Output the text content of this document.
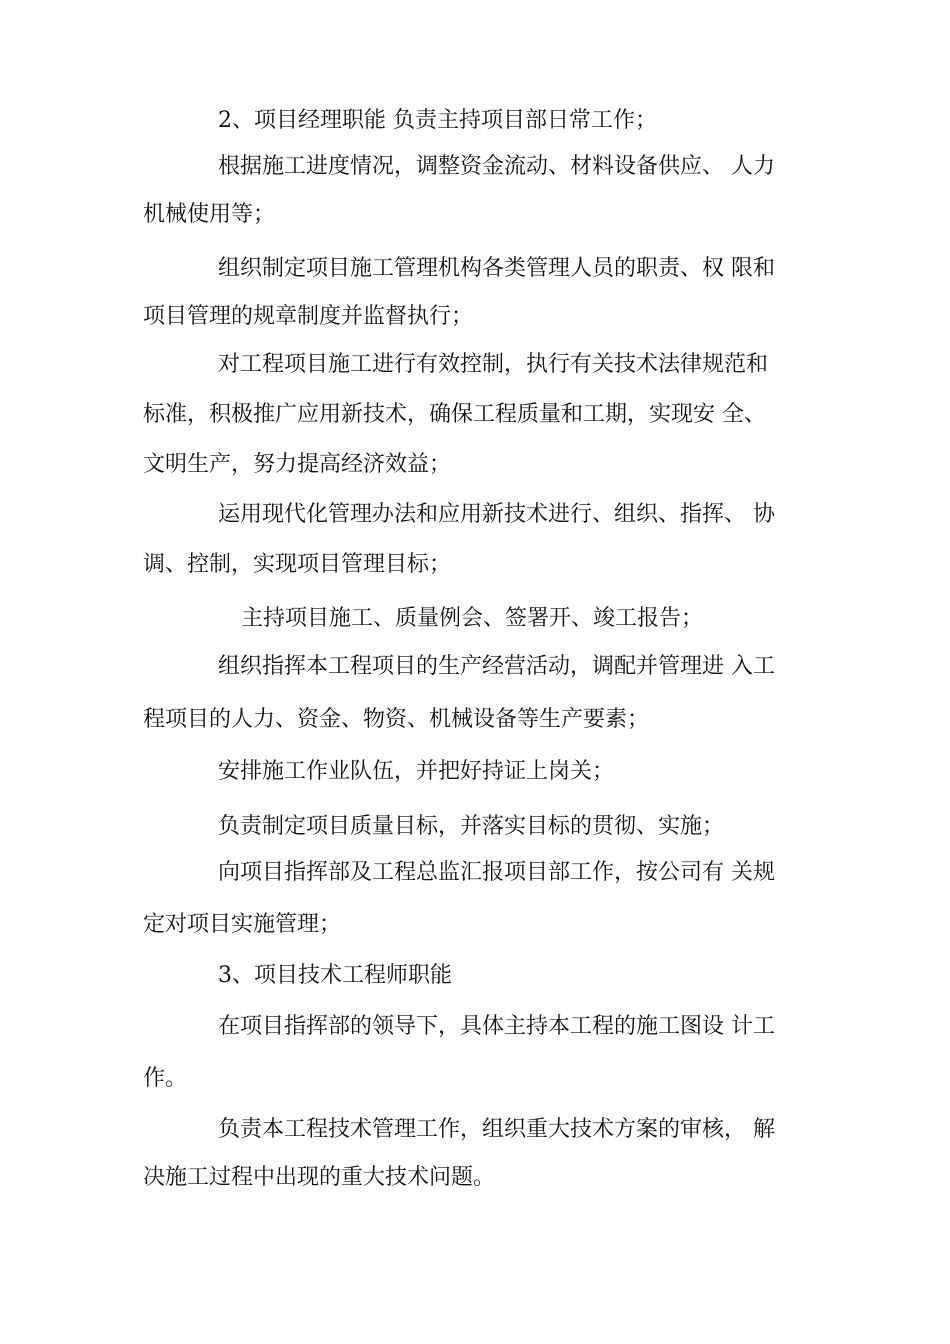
2、项目经理职能 负责主持项目部日常工作；
根据施工进度情况，调整资金流动、材料设备供应、 人力
机械使用等；
组织制定项目施工管理机构各类管理人员的职责、权 限和
项目管理的规章制度并监督执行；
对工程项目施工进行有效控制，执行有关技术法律规范和
标准，积极推广应用新技术，确保工程质量和工期，实现安 全、
文明生产，努力提高经济效益；
运用现代化管理办法和应用新技术进行、组织、指挥、 协
调、控制，实现项目管理目标；
主持项目施工、质量例会、签署开、竣工报告；
组织指挥本工程项目的生产经营活动，调配并管理进 入工
程项目的人力、资金、物资、机械设备等生产要素；
安排施工作业队伍，并把好持证上岗关；
负责制定项目质量目标，并落实目标的贯彻、实施；
向项目指挥部及工程总监汇报项目部工作，按公司有 关规
定对项目实施管理；
3、项目技术工程师职能
在项目指挥部的领导下，具体主持本工程的施工图设 计工
作。
负责本工程技术管理工作，组织重大技术方案的审核， 解
决施工过程中出现的重大技术问题。
